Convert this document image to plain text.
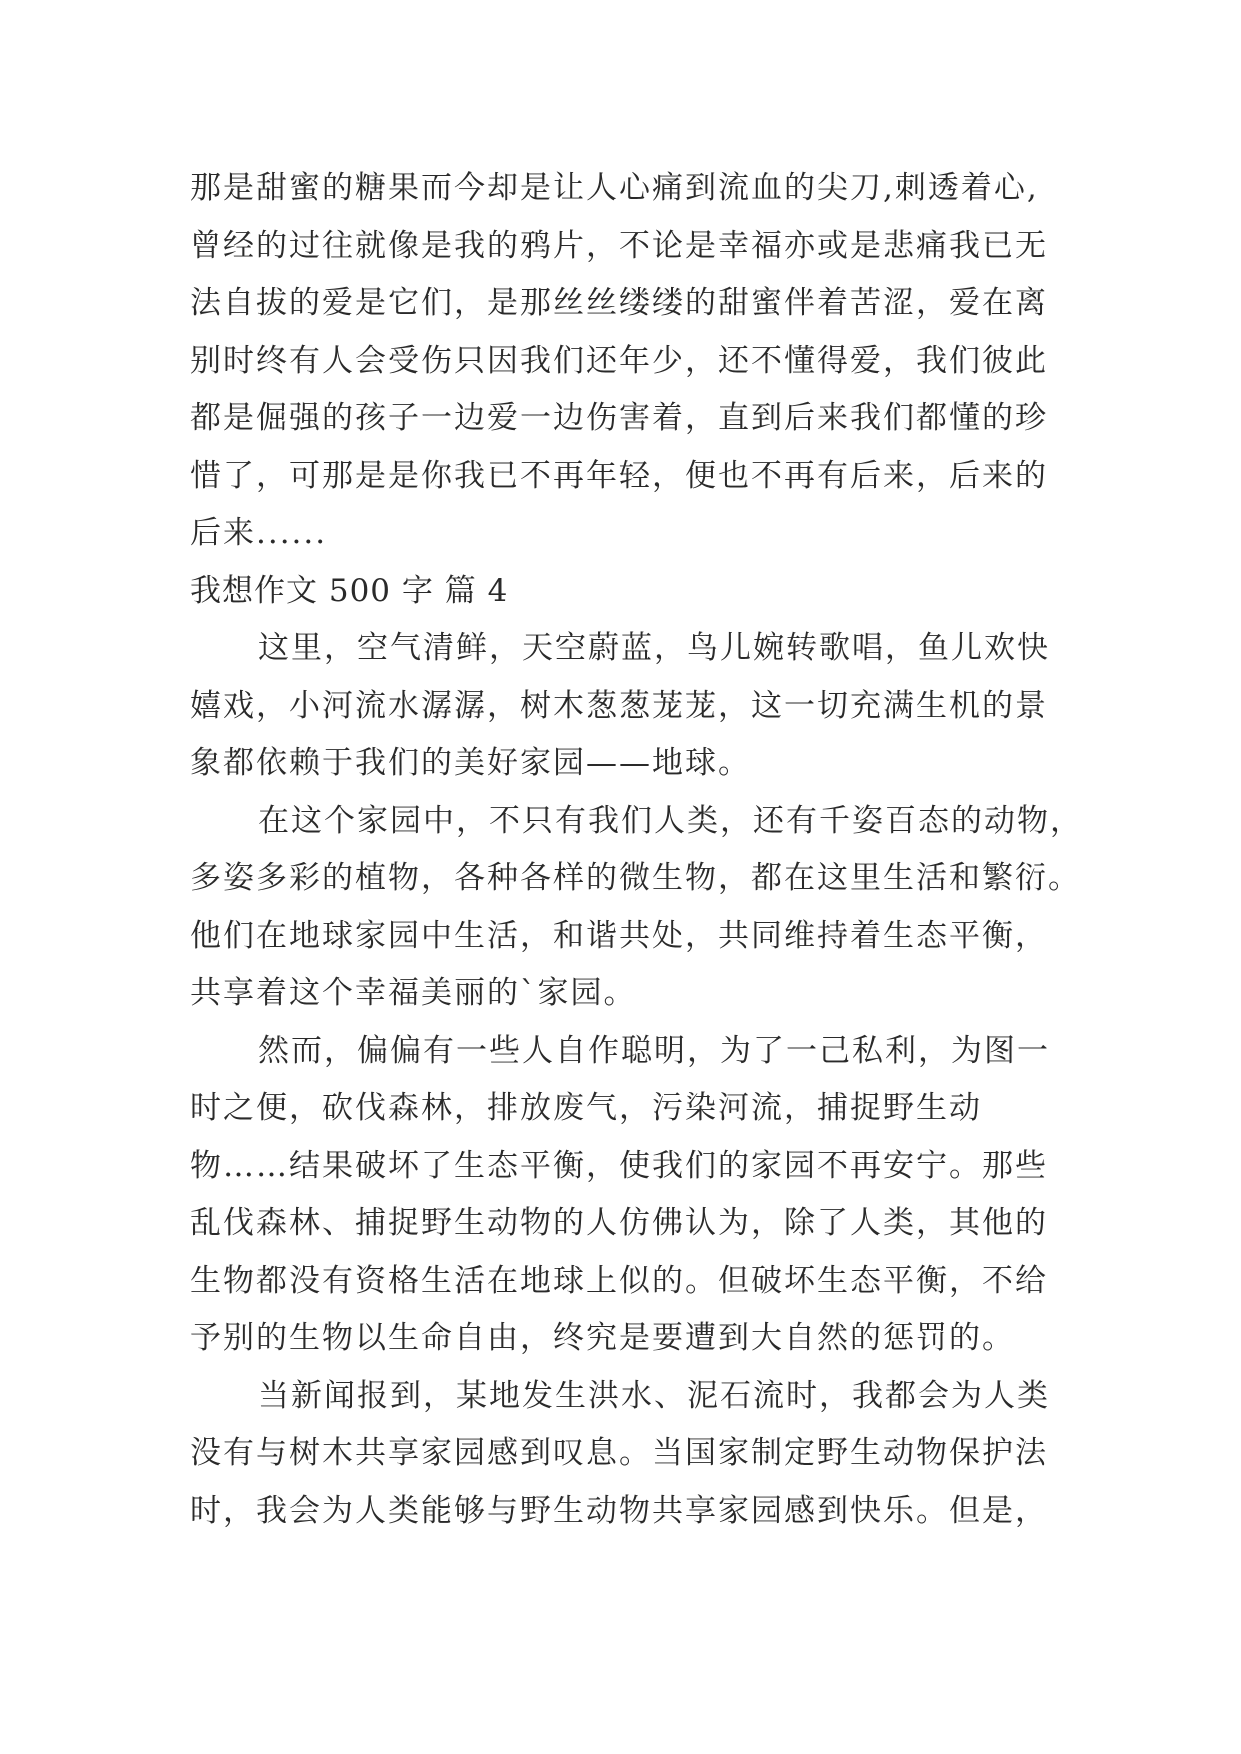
那是甜蜜的糖果而今却是让人心痛到流血的尖刀,刺透着心,
曾经的过往就像是我的鸦片，不论是幸福亦或是悲痛我已无
法自拔的爱是它们，是那丝丝缕缕的甜蜜伴着苦涩，爱在离
别时终有人会受伤只因我们还年少，还不懂得爱，我们彼此
都是倔强的孩子一边爱一边伤害着，直到后来我们都懂的珍
惜了，可那是是你我已不再年轻，便也不再有后来，后来的
后来......
我想作文 500 字 篇 4
这里，空气清鲜，天空蔚蓝，鸟儿婉转歌唱，鱼儿欢快
嬉戏，小河流水潺潺，树木葱葱茏茏，这一切充满生机的景
象都依赖于我们的美好家园——地球。
在这个家园中，不只有我们人类，还有千姿百态的动物，
多姿多彩的植物，各种各样的微生物，都在这里生活和繁衍。
他们在地球家园中生活，和谐共处，共同维持着生态平衡，
共享着这个幸福美丽的`家园。
然而，偏偏有一些人自作聪明，为了一己私利，为图一
时之便，砍伐森林，排放废气，污染河流，捕捉野生动
物……结果破坏了生态平衡，使我们的家园不再安宁。那些
乱伐森林、捕捉野生动物的人仿佛认为，除了人类，其他的
生物都没有资格生活在地球上似的。但破坏生态平衡，不给
予别的生物以生命自由，终究是要遭到大自然的惩罚的。
当新闻报到，某地发生洪水、泥石流时，我都会为人类
没有与树木共享家园感到叹息。当国家制定野生动物保护法
时，我会为人类能够与野生动物共享家园感到快乐。但是，
